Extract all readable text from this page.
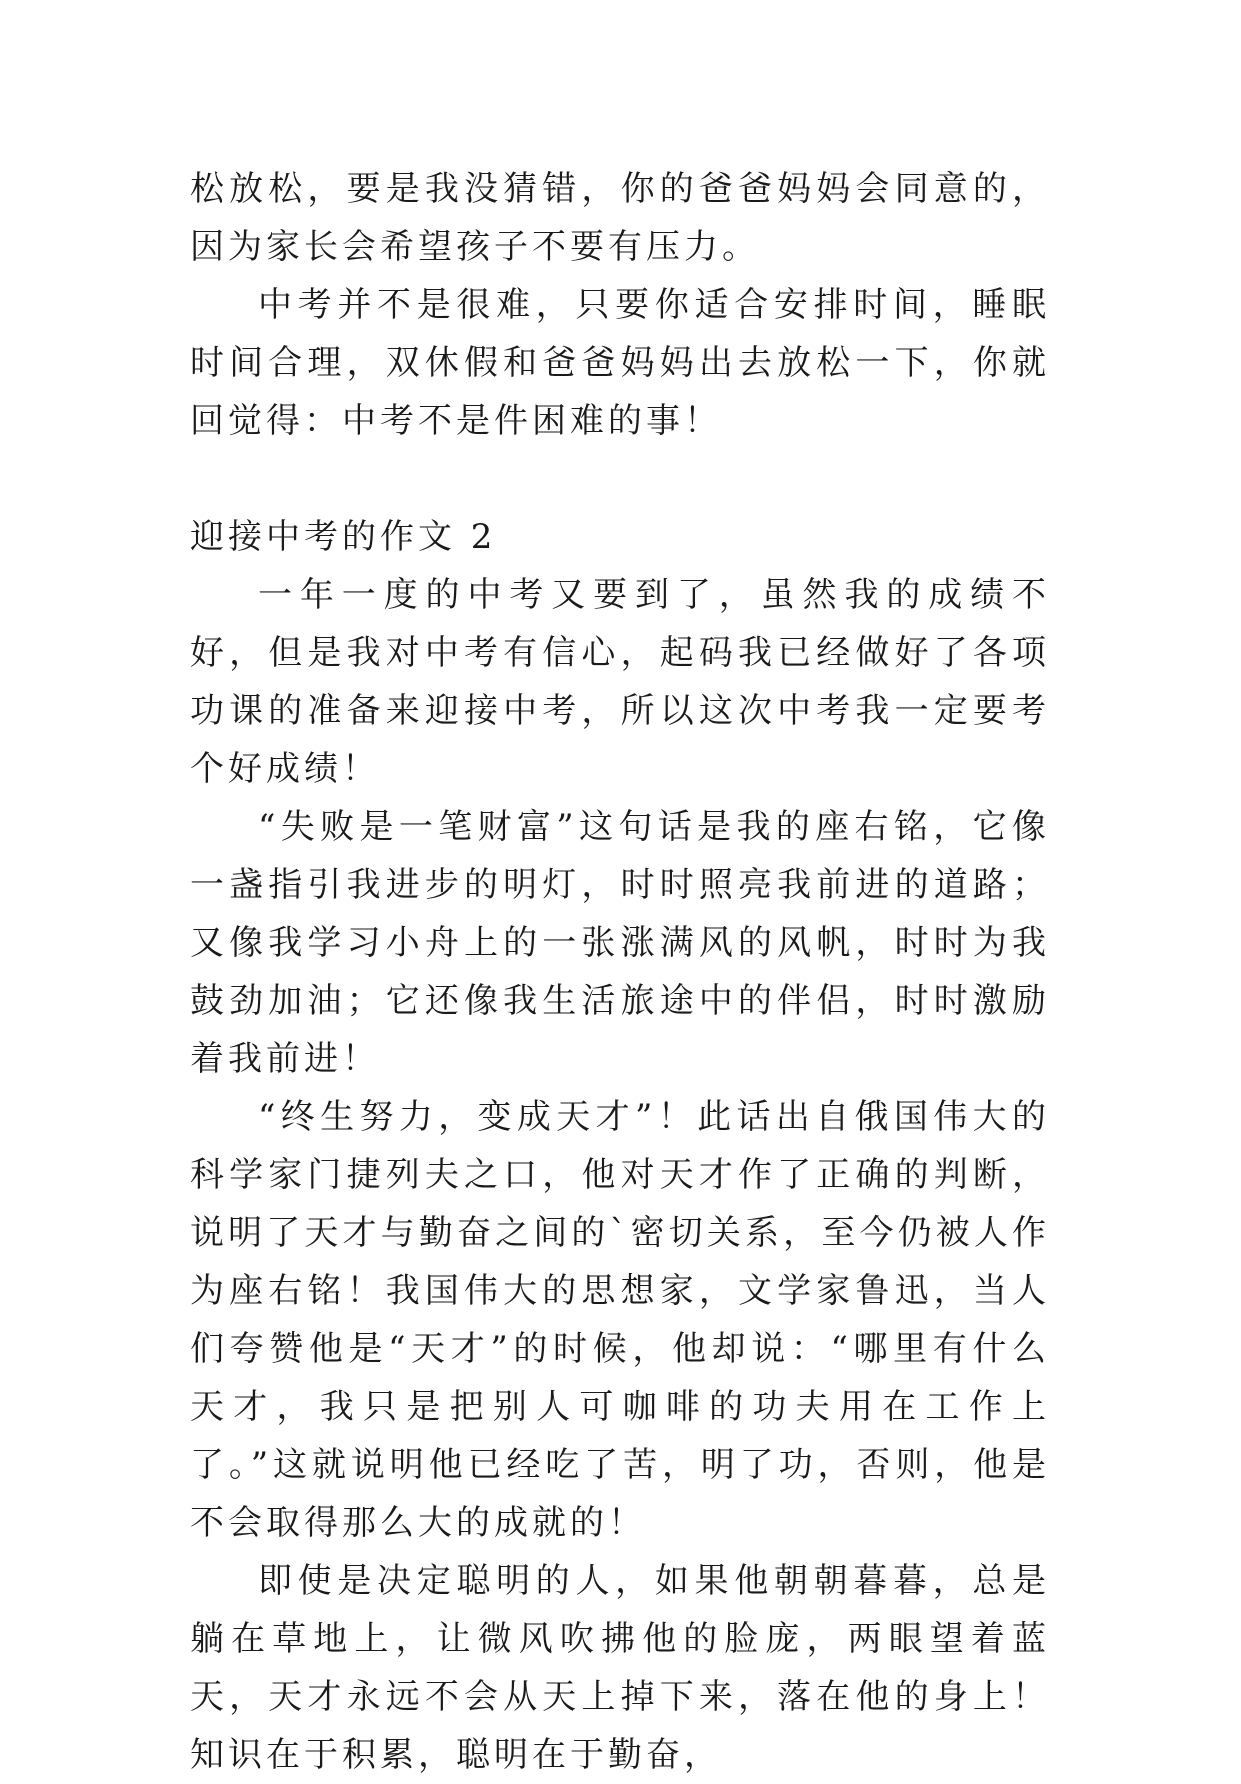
松放松，要是我没猜错，你的爸爸妈妈会同意的，因为家长会希望孩子不要有压力。

中考并不是很难，只要你适合安排时间，睡眠时间合理，双休假和爸爸妈妈出去放松一下，你就回觉得：中考不是件困难的事！

迎接中考的作文 2

一年一度的中考又要到了，虽然我的成绩不好，但是我对中考有信心，起码我已经做好了各项功课的准备来迎接中考，所以这次中考我一定要考个好成绩！

“失败是一笔财富”这句话是我的座右铭，它像一盏指引我进步的明灯，时时照亮我前进的道路；又像我学习小舟上的一张涨满风的风帆，时时为我鼓劲加油；它还像我生活旅途中的伴侣，时时激励着我前进！

“终生努力，变成天才”！此话出自俄国伟大的科学家门捷列夫之口，他对天才作了正确的判断，说明了天才与勤奋之间的`密切关系，至今仍被人作为座右铭！我国伟大的思想家，文学家鲁迅，当人们夸赞他是“天才”的时候，他却说：“哪里有什么天才，我只是把别人可咖啡的功夫用在工作上了。”这就说明他已经吃了苦，明了功，否则，他是不会取得那么大的成就的！

即使是决定聪明的人，如果他朝朝暮暮，总是躺在草地上，让微风吹拂他的脸庞，两眼望着蓝天，天才永远不会从天上掉下来，落在他的身上！知识在于积累，聪明在于勤奋，
